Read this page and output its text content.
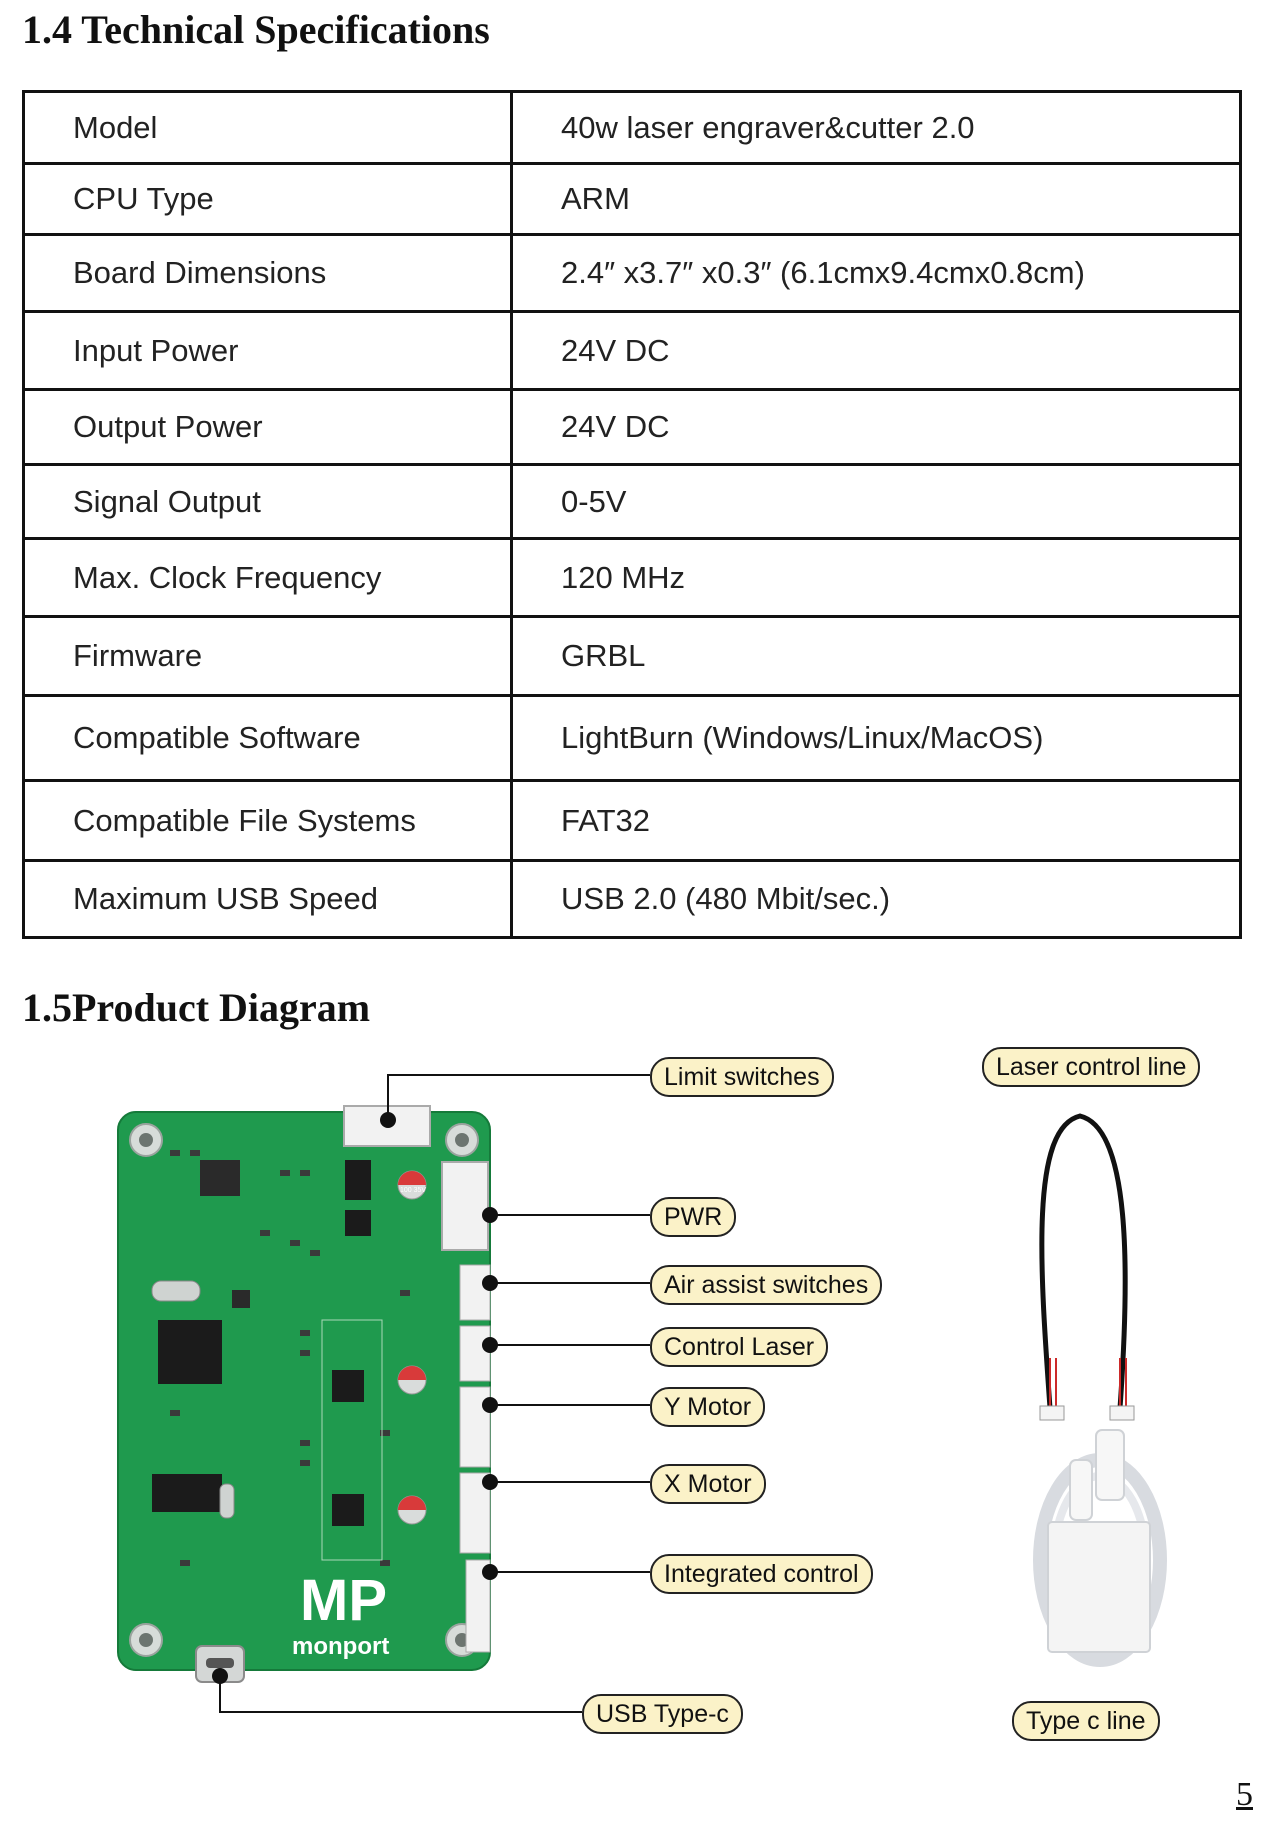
1.4 Technical Specifications
Model	40w laser engraver&cutter 2.0
CPU Type	ARM
Board Dimensions	2.4″ x3.7″ x0.3″ (6.1cmx9.4cmx0.8cm)
Input Power	24V DC
Output Power	24V DC
Signal Output	0-5V
Max. Clock Frequency	120 MHz
Firmware	GRBL
Compatible Software	LightBurn (Windows/Linux/MacOS)
Compatible File Systems	FAT32
Maximum USB Speed	USB 2.0 (480 Mbit/sec.)
1.5Product Diagram
MP
monport
100 35V
Limit switches
PWR
Air assist switches
Control Laser
Y Motor
X Motor
Integrated control
USB Type-c
Laser control line
Type c line
5
